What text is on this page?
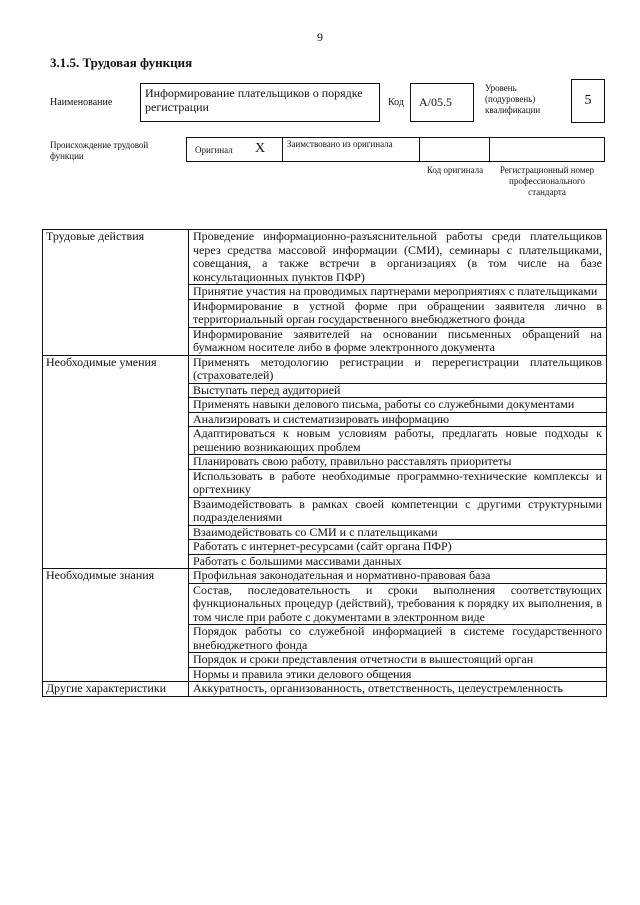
9
3.1.5. Трудовая функция
Наименование
Информирование плательщиков о порядке регистрации	Код	А/05.5
Уровень (подуровень) квалификации
5
Происхождение трудовой функции
Оригинал X Заимствовано из оригинала
Код оригинала	Регистрационный номер профессионального стандарта
Трудовые действия	Проведение информационно-разъяснительной работы среди плательщиков через средства массовой информации (СМИ), семинары с плательщиками, совещания, а также встречи в организациях (в том числе на базе консультационных пунктов ПФР)
	Принятие участия на проводимых партнерами мероприятиях с плательщиками
	Информирование в устной форме при обращении заявителя лично в территориальный орган государственного внебюджетного фонда
	Информирование заявителей на основании письменных обращений на бумажном носителе либо в форме электронного документа
Необходимые умения	Применять методологию регистрации и перерегистрации плательщиков (страхователей)
	Выступать перед аудиторией
	Применять навыки делового письма, работы со служебными документами
	Анализировать и систематизировать информацию
	Адаптироваться к новым условиям работы, предлагать новые подходы к решению возникающих проблем
	Планировать свою работу, правильно расставлять приоритеты
	Использовать в работе необходимые программно-технические комплексы и оргтехнику
	Взаимодействовать в рамках своей компетенции с другими структурными подразделениями
	Взаимодействовать со СМИ и с плательщиками
	Работать с интернет-ресурсами (сайт органа ПФР)
	Работать с большими массивами данных
Необходимые знания	Профильная законодательная и нормативно-правовая база
	Состав, последовательность и сроки выполнения соответствующих функциональных процедур (действий), требования к порядку их выполнения, в том числе при работе с документами в электронном виде
	Порядок работы со служебной информацией в системе государственного внебюджетного фонда
	Порядок и сроки представления отчетности в вышестоящий орган
	Нормы и правила этики делового общения
Другие характеристики	Аккуратность, организованность, ответственность, целеустремленность
